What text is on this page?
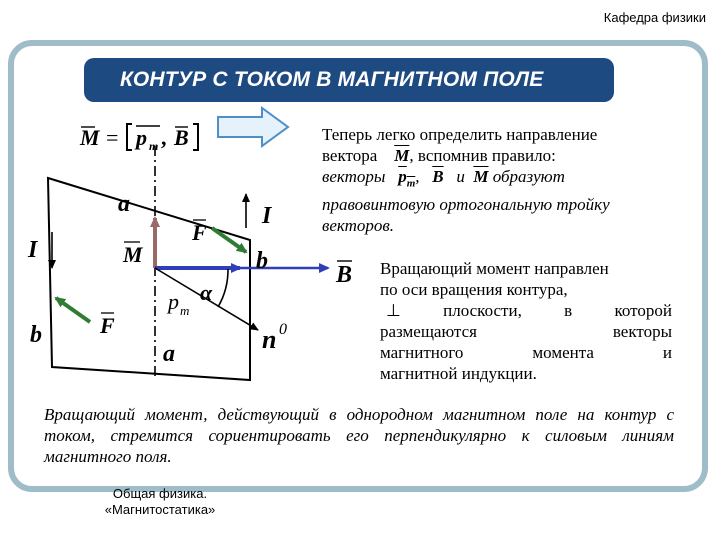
Кафедра физики
КОНТУР С ТОКОМ В МАГНИТНОМ ПОЛЕ
M = p m , B
a
a
b
b
I
I
F
F
M
B
p m
α
n 0
Теперь легко определить направление
вектора $\overline{M}$, вспомнив правило:
векторы $p_m$, $\overline{B}$ и $\overline{M}$ образуют
правовинтовую ортогональную тройку
векторов.
Вращающий момент направлен
по оси вращения контура,
⊥ плоскости, в которой
размещаются	векторы
магнитного	момента	и
магнитной индукции.
Вращающий момент, действующий в однородном магнитном поле на контур с током, стремится сориентировать его перпендикулярно к силовым линиям магнитного поля.
Общая физика.
«Магнитостатика»
